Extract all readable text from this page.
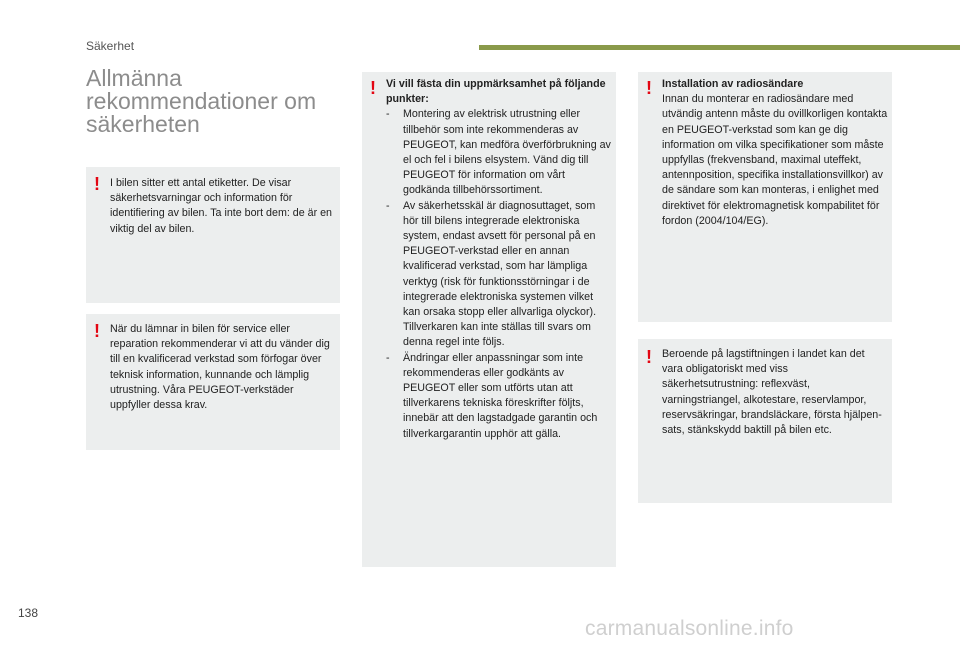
Säkerhet
Allmänna
rekommendationer om
säkerheten
! I bilen sitter ett antal etiketter. De visar säkerhetsvarningar och information för identifiering av bilen. Ta inte bort dem: de är en viktig del av bilen.

! När du lämnar in bilen för service eller reparation rekommenderar vi att du vänder dig till en kvalificerad verkstad som förfogar över teknisk information, kunnande och lämplig utrustning. Våra PEUGEOT-verkstäder uppfyller dessa krav.

! Vi vill fästa din uppmärksamhet på följande punkter:

- Montering av elektrisk utrustning eller tillbehör som inte rekommenderas av PEUGEOT, kan medföra överförbrukning av el och fel i bilens elsystem. Vänd dig till PEUGEOT för information om vårt godkända tillbehörssortiment.
- Av säkerhetsskäl är diagnosuttaget, som hör till bilens integrerade elektroniska system, endast avsett för personal på en PEUGEOT-verkstad eller en annan kvalificerad verkstad, som har lämpliga verktyg (risk för funktionsstörningar i de integrerade elektroniska systemen vilket kan orsaka stopp eller allvarliga olyckor). Tillverkaren kan inte ställas till svars om denna regel inte följs.
- Ändringar eller anpassningar som inte rekommenderas eller godkänts av PEUGEOT eller som utförts utan att tillverkarens tekniska föreskrifter följts, innebär att den lagstadgade garantin och tillverkargarantin upphör att gälla.
! Installation av radiosändare

Innan du monterar en radiosändare med utvändig antenn måste du ovillkorligen kontakta en PEUGEOT-verkstad som kan ge dig information om vilka specifikationer som måste uppfyllas (frekvensband, maximal uteffekt, antennposition, specifika installationsvillkor) av de sändare som kan monteras, i enlighet med direktivet för elektromagnetisk kompabilitet för fordon (2004/104/EG).

! Beroende på lagstiftningen i landet kan det vara obligatoriskt med viss säkerhetsutrustning: reflexväst, varningstriangel, alkotestare, reservlampor, reservsäkringar, brandsläckare, första hjälpen-sats, stänkskydd baktill på bilen etc.

138
carmanualsonline.info
